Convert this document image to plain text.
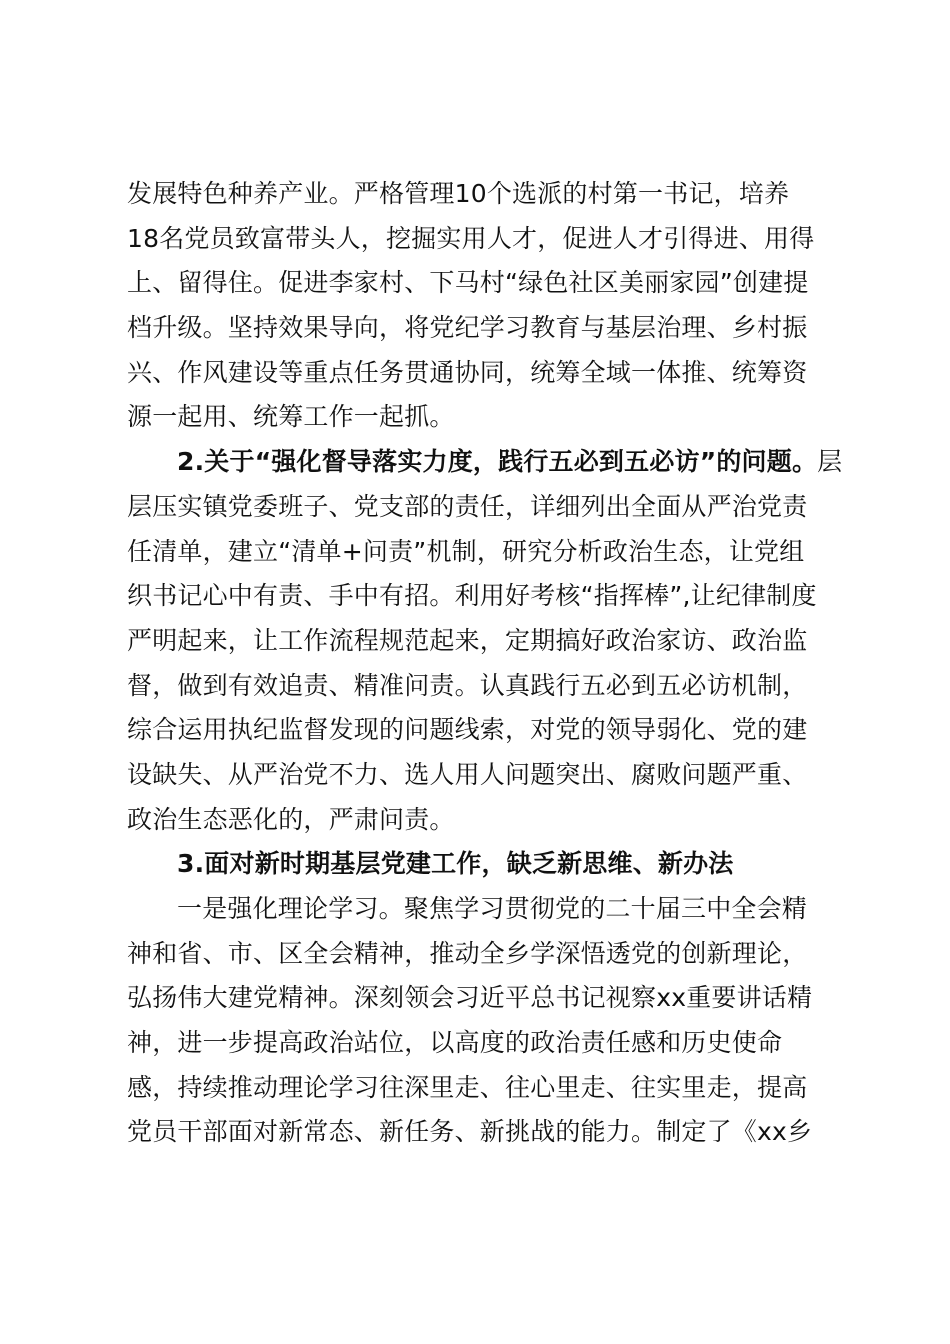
发展特色种养产业。严格管理10个选派的村第一书记，培养
18名党员致富带头人，挖掘实用人才，促进人才引得进、用得
上、留得住。促进李家村、下马村“绿色社区美丽家园”创建提
档升级。坚持效果导向，将党纪学习教育与基层治理、乡村振
兴、作风建设等重点任务贯通协同，统筹全域一体推、统筹资
源一起用、统筹工作一起抓。
2.关于“强化督导落实力度，践行五必到五必访”的问题。层
层压实镇党委班子、党支部的责任，详细列出全面从严治党责
任清单，建立“清单+问责”机制，研究分析政治生态，让党组
织书记心中有责、手中有招。利用好考核“指挥棒”,让纪律制度
严明起来，让工作流程规范起来，定期搞好政治家访、政治监
督，做到有效追责、精准问责。认真践行五必到五必访机制，
综合运用执纪监督发现的问题线索，对党的领导弱化、党的建
设缺失、从严治党不力、选人用人问题突出、腐败问题严重、
政治生态恶化的，严肃问责。
3.面对新时期基层党建工作，缺乏新思维、新办法
一是强化理论学习。聚焦学习贯彻党的二十届三中全会精
神和省、市、区全会精神，推动全乡学深悟透党的创新理论，
弘扬伟大建党精神。深刻领会习近平总书记视察xx重要讲话精
神，进一步提高政治站位，以高度的政治责任感和历史使命
感，持续推动理论学习往深里走、往心里走、往实里走，提高
党员干部面对新常态、新任务、新挑战的能力。制定了《xx乡
